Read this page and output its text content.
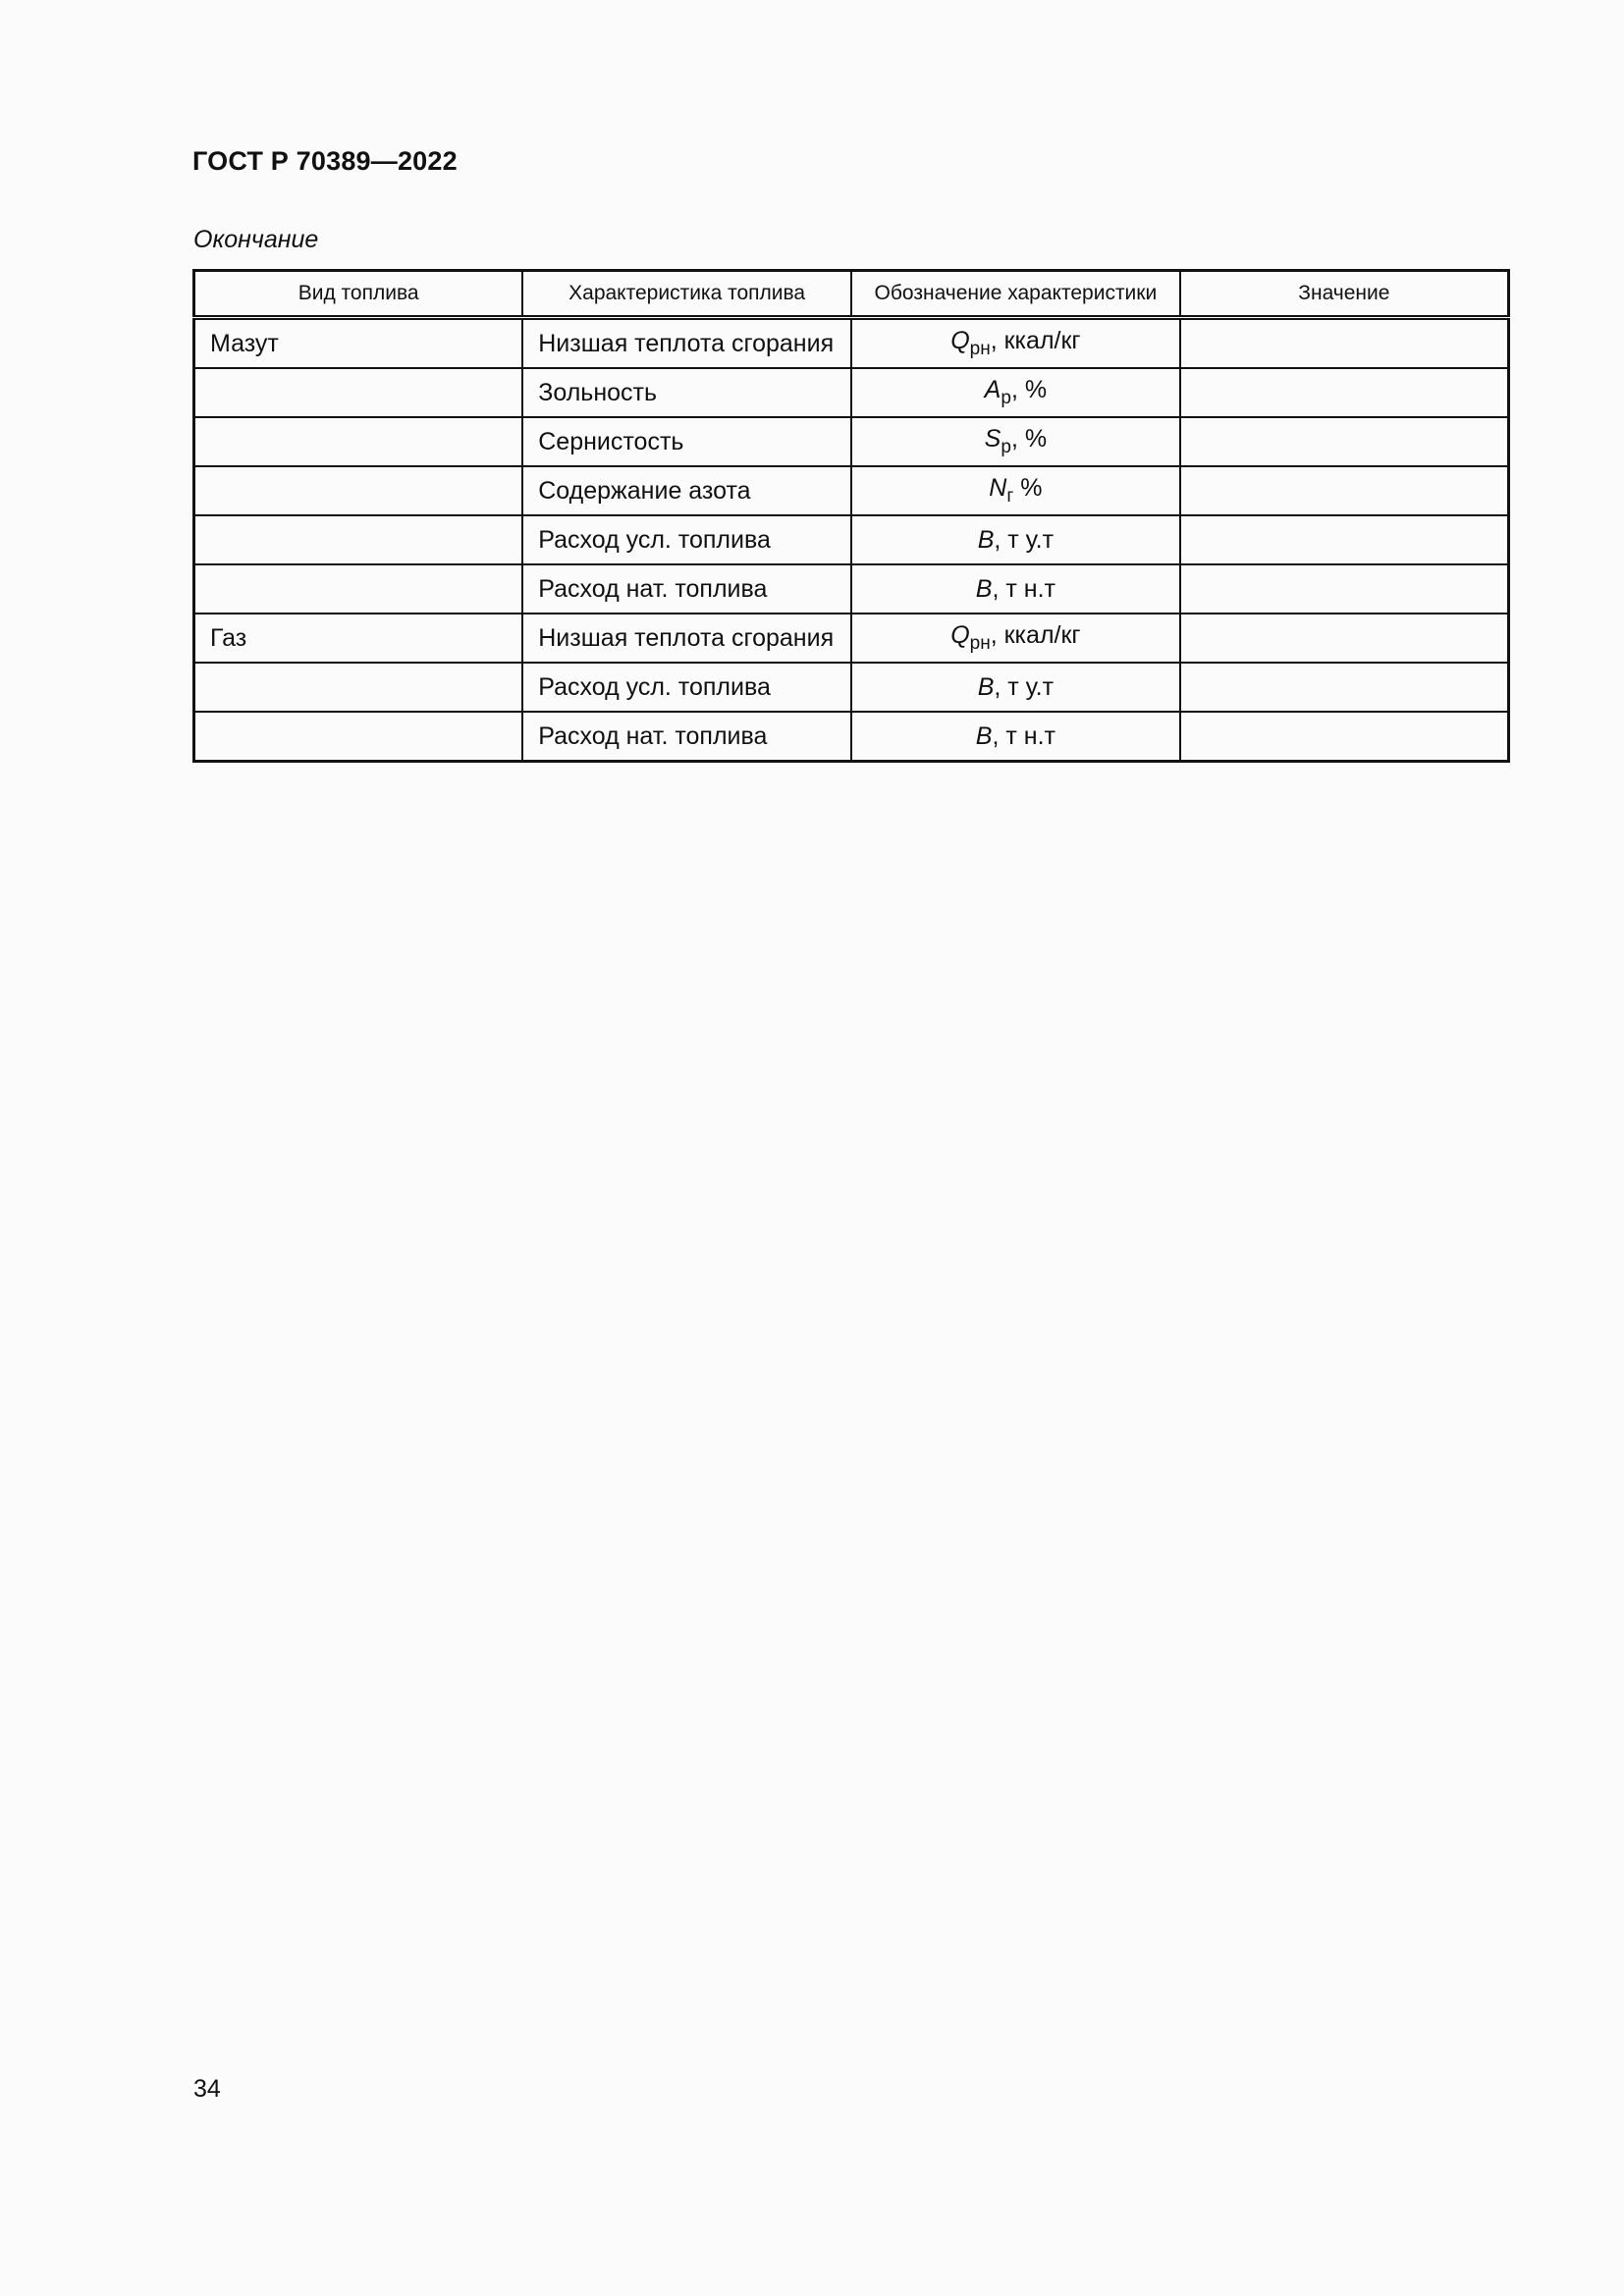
ГОСТ Р 70389—2022
Окончание
Вид топлива	Характеристика топлива	Обозначение характеристики	Значение
Мазут	Низшая теплота сгорания	$Q_{рн}$, ккал/кг	
	Зольность	$A_р$, %	
	Сернистость	$S_р$, %	
	Содержание азота	$N_г$ %	
	Расход усл. топлива	B, т у.т	
	Расход нат. топлива	B, т н.т	
Газ	Низшая теплота сгорания	$Q_{рн}$, ккал/кг	
	Расход усл. топлива	B, т у.т	
	Расход нат. топлива	B, т н.т	
34
